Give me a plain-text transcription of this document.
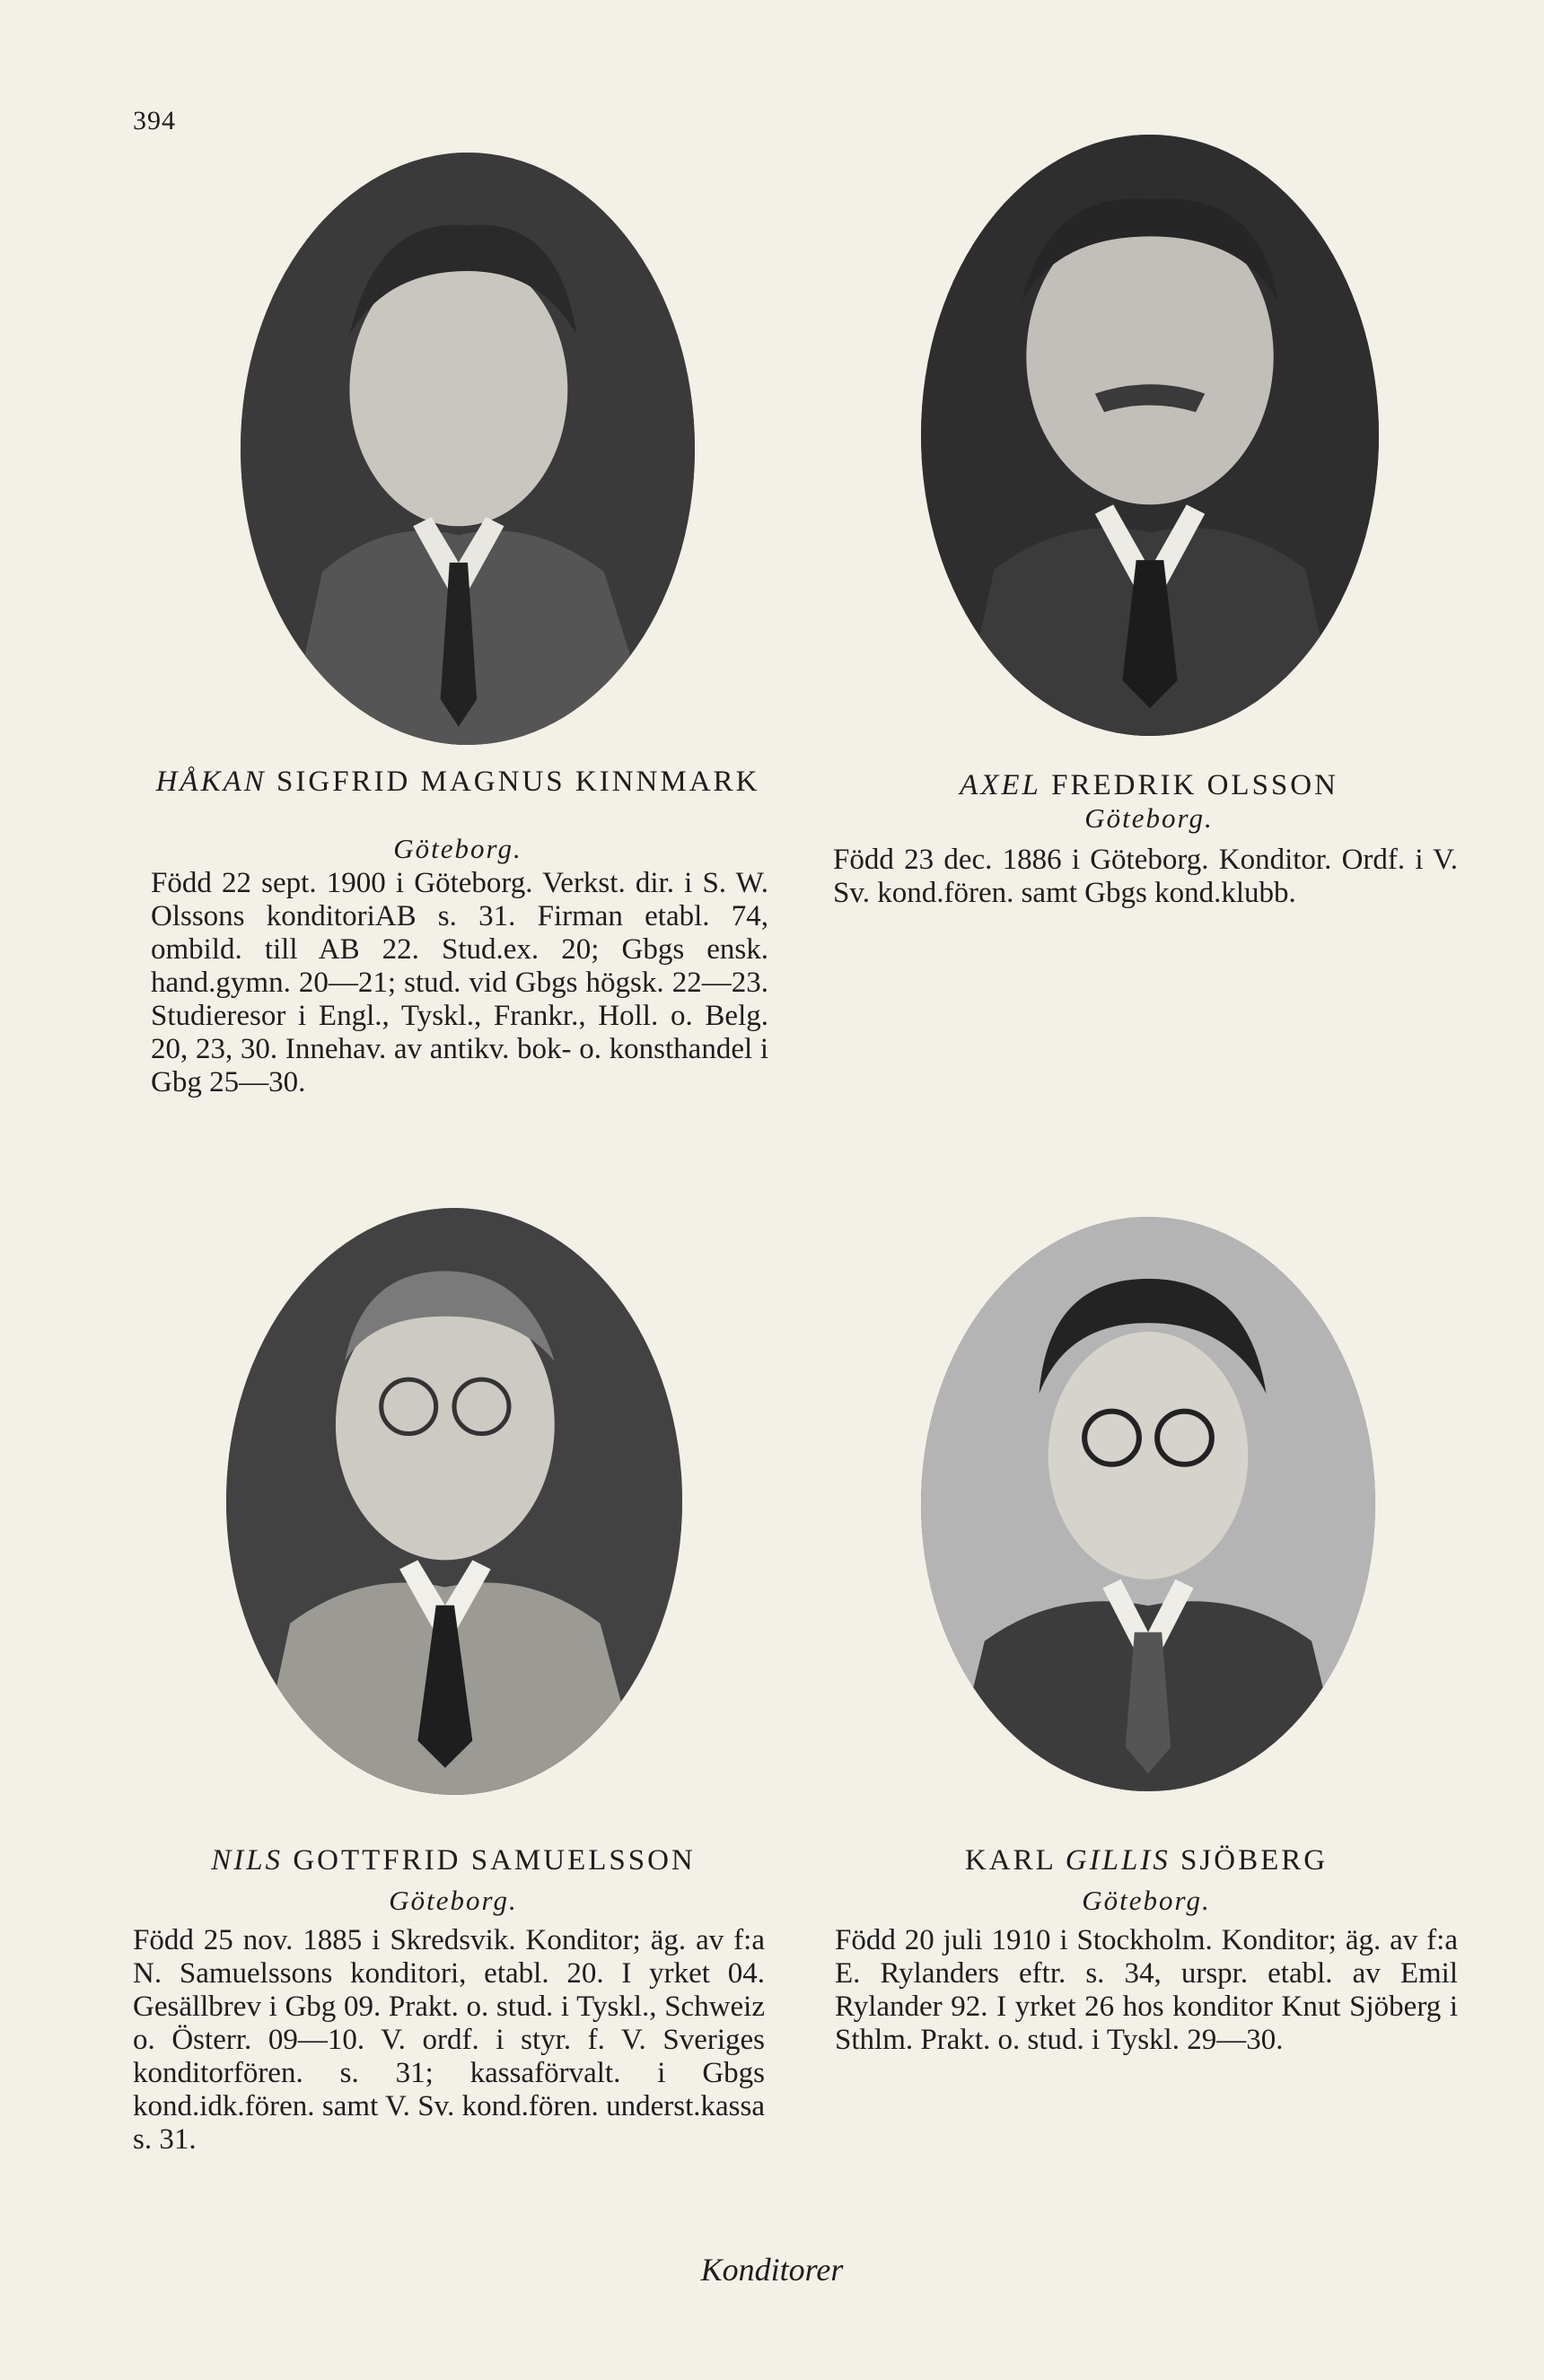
394
HÅKAN SIGFRID MAGNUS KINNMARK
Göteborg.
Född 22 sept. 1900 i Göteborg. Verkst. dir. i S. W. Olssons konditoriAB s. 31. Firman etabl. 74, ombild. till AB 22. Stud.ex. 20; Gbgs ensk. hand.gymn. 20—21; stud. vid Gbgs högsk. 22—23. Studieresor i Engl., Tyskl., Frankr., Holl. o. Belg. 20, 23, 30. Innehav. av antikv. bok- o. konsthandel i Gbg 25—30.
AXEL FREDRIK OLSSON
Göteborg.
Född 23 dec. 1886 i Göteborg. Konditor. Ordf. i V. Sv. kond.fören. samt Gbgs kond.klubb.
NILS GOTTFRID SAMUELSSON
Göteborg.
Född 25 nov. 1885 i Skredsvik. Konditor; äg. av f:a N. Samuelssons konditori, etabl. 20. I yrket 04. Gesällbrev i Gbg 09. Prakt. o. stud. i Tyskl., Schweiz o. Österr. 09—10. V. ordf. i styr. f. V. Sveriges konditorfören. s. 31; kassaförvalt. i Gbgs kond.idk.fören. samt V. Sv. kond.fören. underst.kassa s. 31.
KARL GILLIS SJÖBERG
Göteborg.
Född 20 juli 1910 i Stockholm. Konditor; äg. av f:a E. Rylanders eftr. s. 34, urspr. etabl. av Emil Rylander 92. I yrket 26 hos konditor Knut Sjöberg i Sthlm. Prakt. o. stud. i Tyskl. 29—30.
Konditorer
